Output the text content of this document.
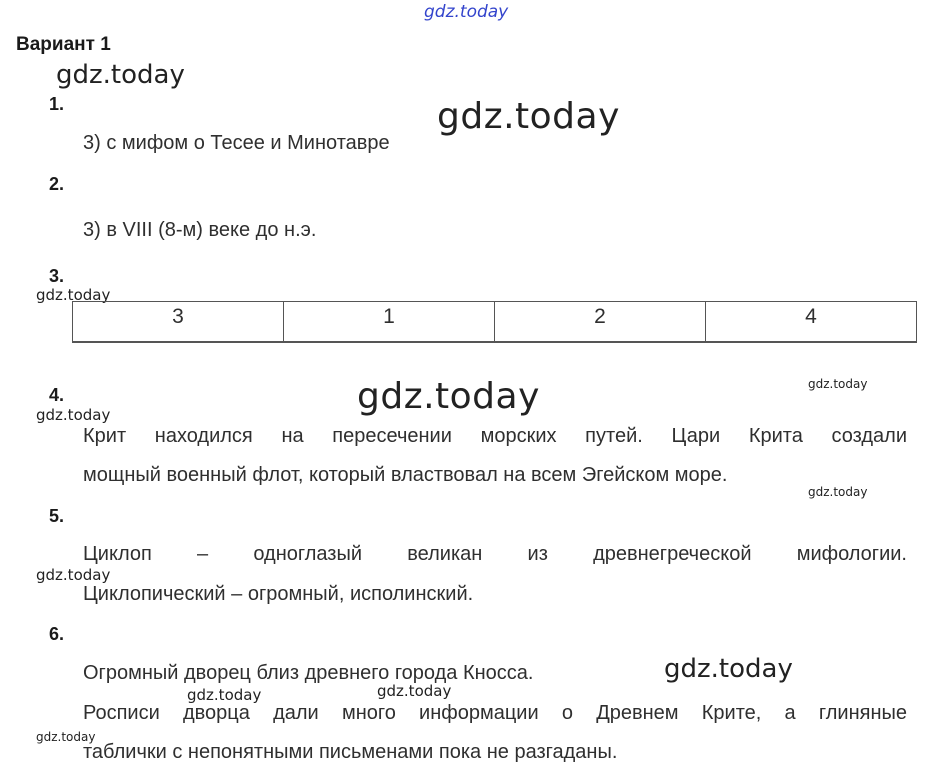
gdz.today
gdz.today
gdz.today
gdz.today
gdz.today	gdz.today
gdz.today
gdz.today
gdz.today
gdz.today
gdz.today	gdz.today
gdz.today
Вариант 1
1.
3) с мифом о Тесее и Минотавре
2.
3) в VIII (8-м) веке до н.э.
3.
3	1	2	4
4.
Крит находился на пересечении морских путей. Цари Крита создали
мощный военный флот, который властвовал на всем Эгейском море.
5.
Циклоп – одноглазый великан из древнегреческой мифологии.
Циклопический – огромный, исполинский.
6.
Огромный дворец близ древнего города Кносса.
Росписи дворца дали много информации о Древнем Крите, а глиняные
таблички с непонятными письменами пока не разгаданы.
